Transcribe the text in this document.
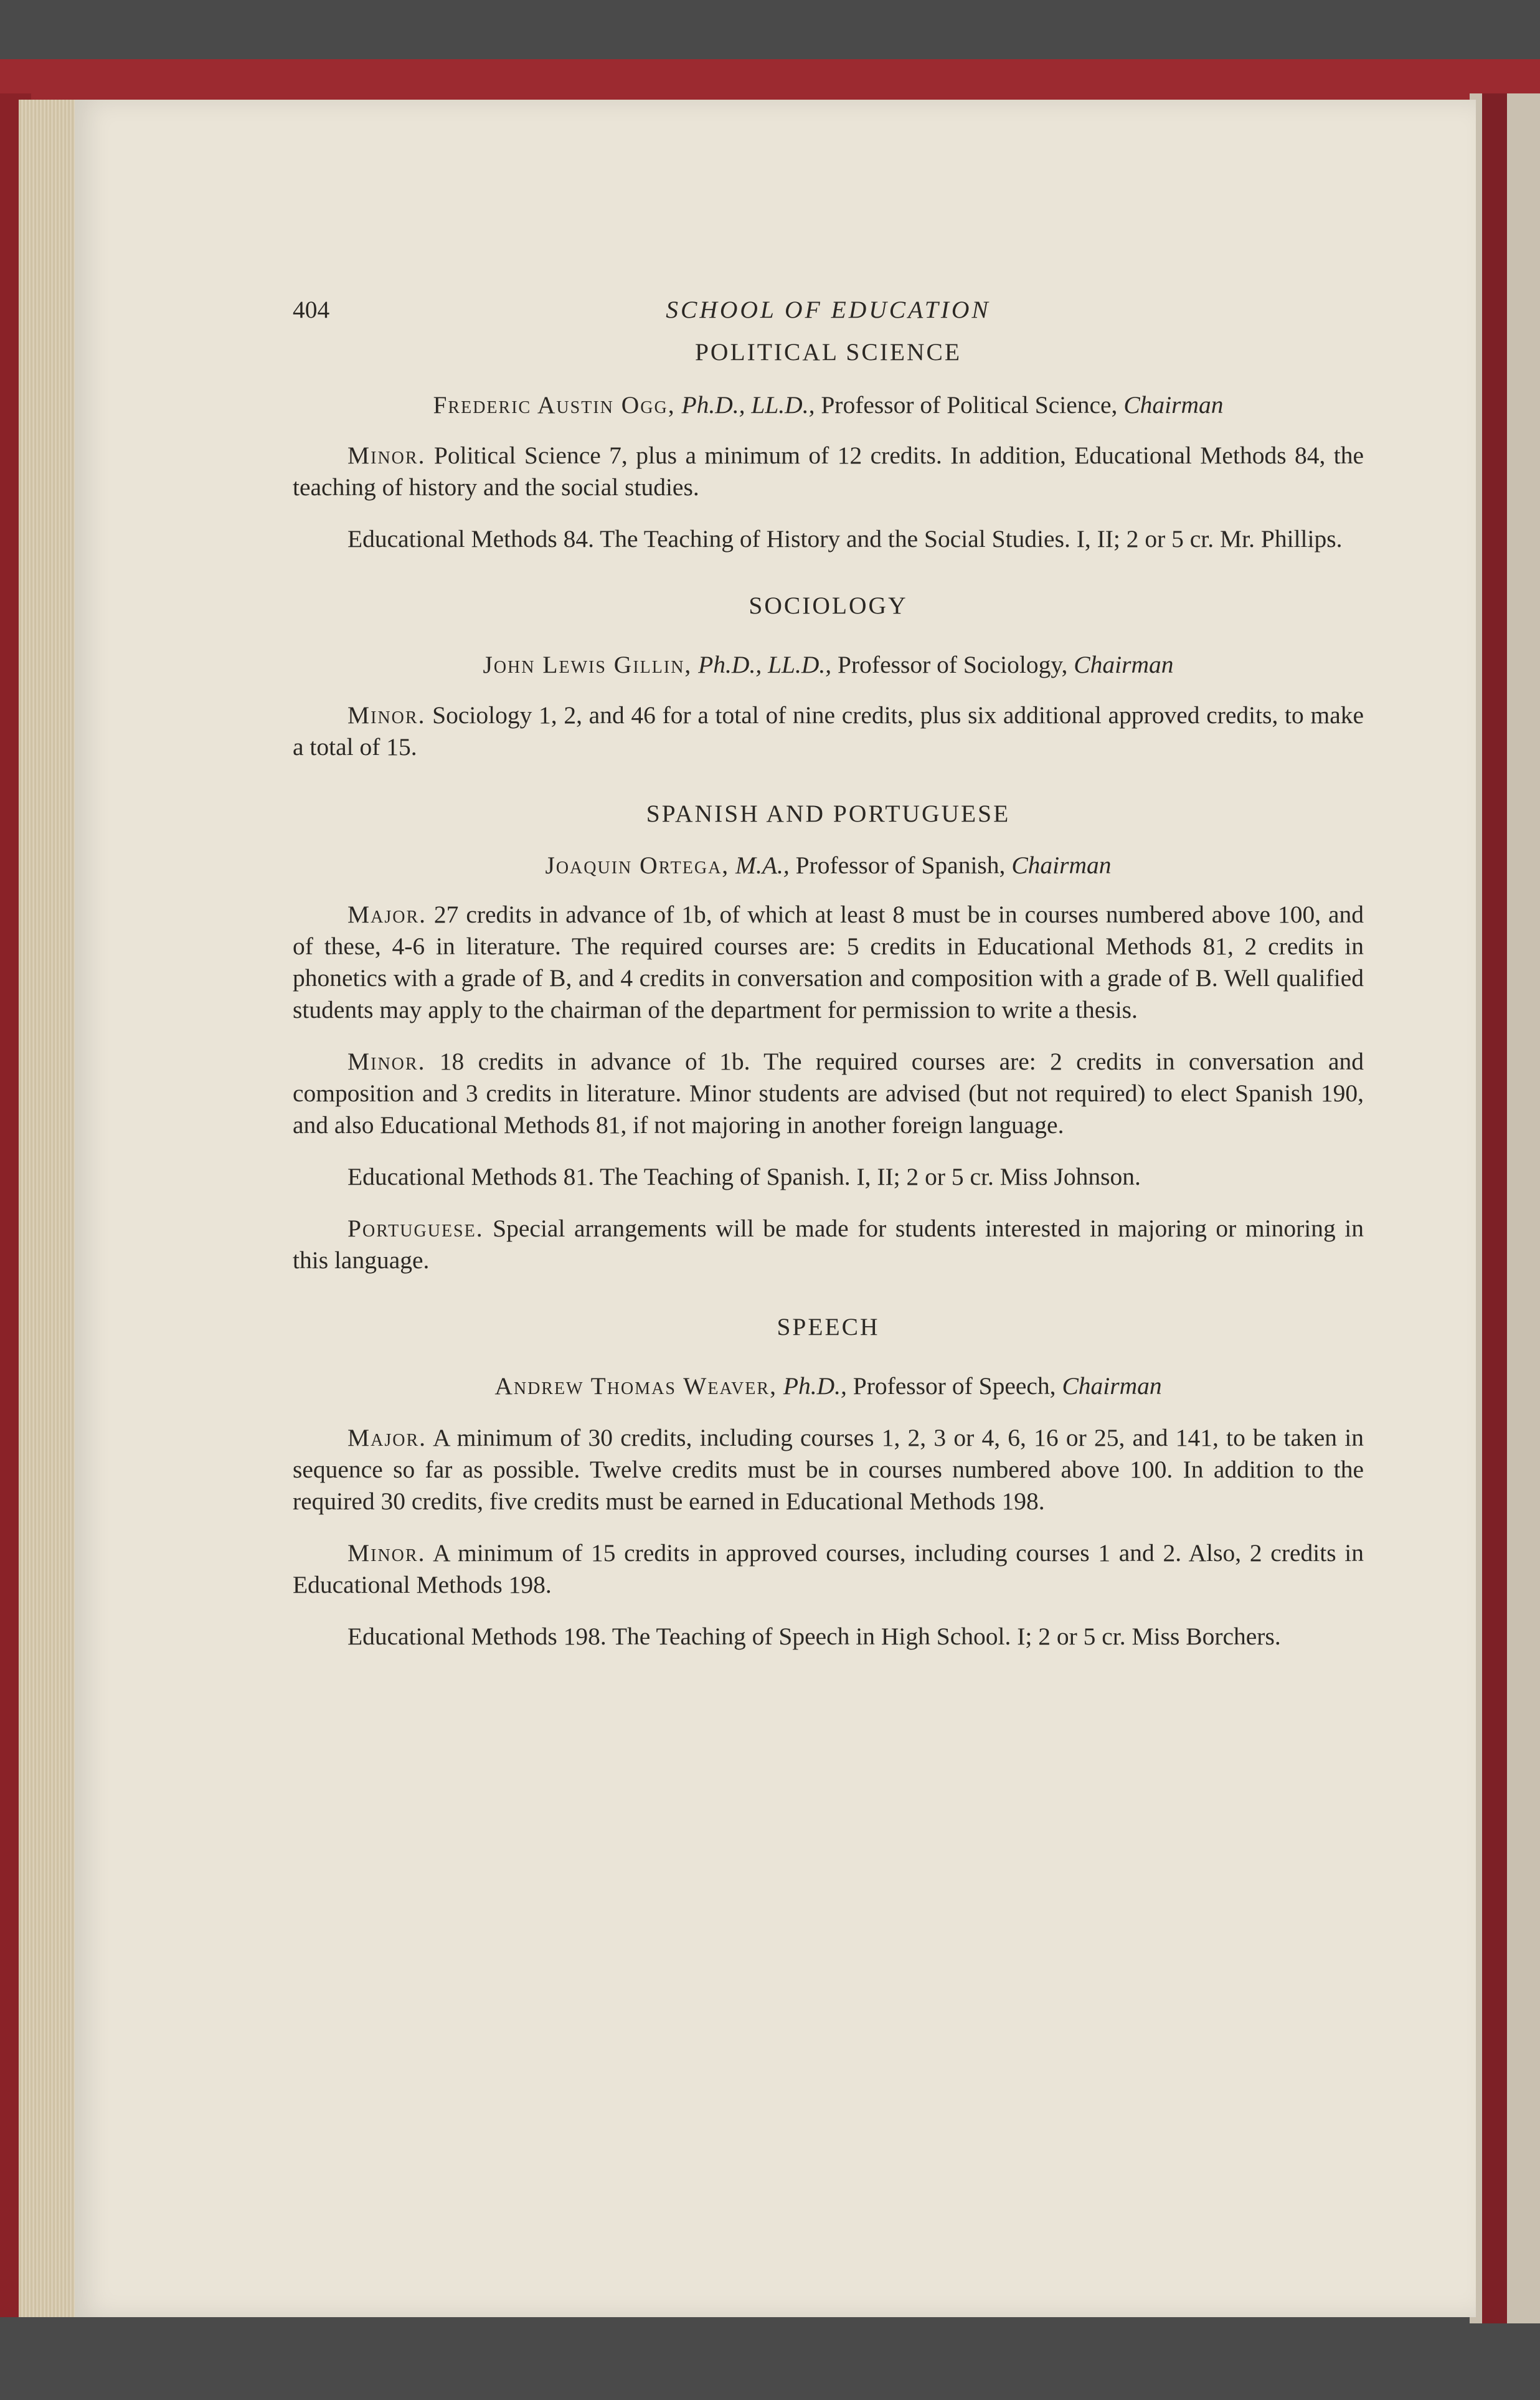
404	SCHOOL OF EDUCATION

POLITICAL SCIENCE

Frederic Austin Ogg, Ph.D., LL.D., Professor of Political Science, Chairman

Minor. Political Science 7, plus a minimum of 12 credits. In addition, Educational Methods 84, the teaching of history and the social studies.

Educational Methods 84. The Teaching of History and the Social Studies. I, II; 2 or 5 cr. Mr. Phillips.

SOCIOLOGY

John Lewis Gillin, Ph.D., LL.D., Professor of Sociology, Chairman

Minor. Sociology 1, 2, and 46 for a total of nine credits, plus six additional approved credits, to make a total of 15.

SPANISH AND PORTUGUESE

Joaquin Ortega, M.A., Professor of Spanish, Chairman

Major. 27 credits in advance of 1b, of which at least 8 must be in courses numbered above 100, and of these, 4-6 in literature. The required courses are: 5 credits in Educational Methods 81, 2 credits in phonetics with a grade of B, and 4 credits in conversation and composition with a grade of B. Well qualified students may apply to the chairman of the department for permission to write a thesis.

Minor. 18 credits in advance of 1b. The required courses are: 2 credits in conversation and composition and 3 credits in literature. Minor students are advised (but not required) to elect Spanish 190, and also Educational Methods 81, if not majoring in another foreign language.

Educational Methods 81. The Teaching of Spanish. I, II; 2 or 5 cr. Miss Johnson.

Portuguese. Special arrangements will be made for students interested in majoring or minoring in this language.

SPEECH

Andrew Thomas Weaver, Ph.D., Professor of Speech, Chairman

Major. A minimum of 30 credits, including courses 1, 2, 3 or 4, 6, 16 or 25, and 141, to be taken in sequence so far as possible. Twelve credits must be in courses numbered above 100. In addition to the required 30 credits, five credits must be earned in Educational Methods 198.

Minor. A minimum of 15 credits in approved courses, including courses 1 and 2. Also, 2 credits in Educational Methods 198.

Educational Methods 198. The Teaching of Speech in High School. I; 2 or 5 cr. Miss Borchers.
